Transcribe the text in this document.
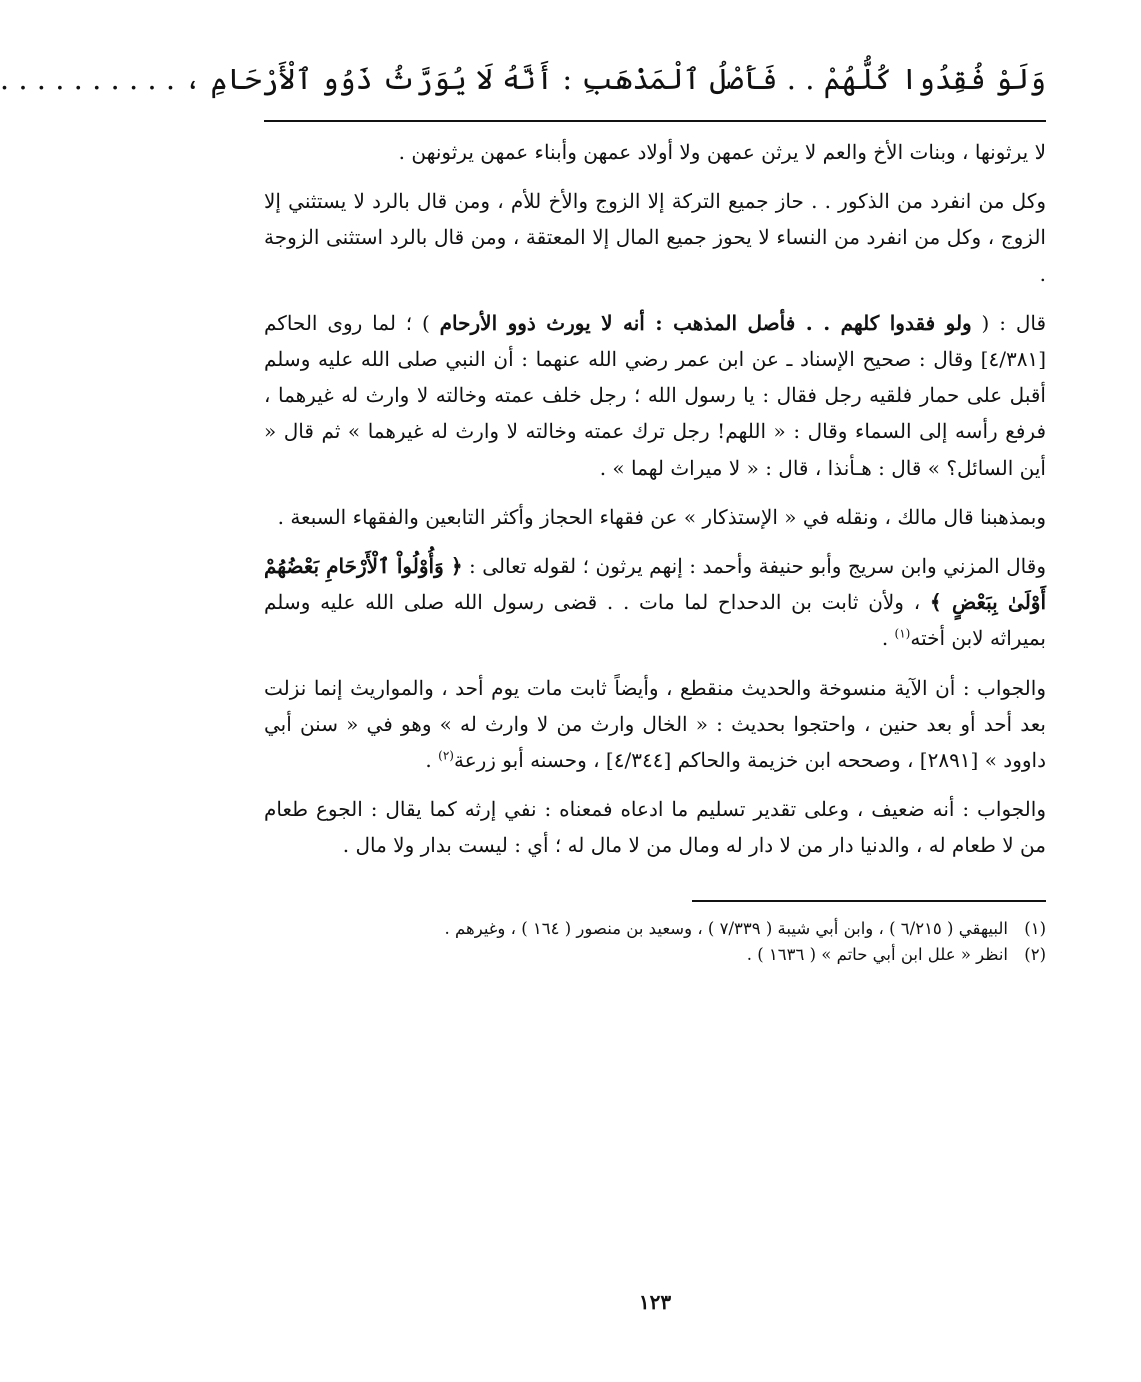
وَلَوْ فُقِدُوا كُلُّهُمْ . . فَأَصْلُ ٱلْمَذْهَبِ : أَنَّهُ لَا يُوَرَّثُ ذَوُو ٱلْأَرْحَامِ ، . . . . . . . . . .

لا يرثونها ، وبنات الأخ والعم لا يرثن عمهن ولا أولاد عمهن وأبناء عمهن يرثونهن .

وكل من انفرد من الذكور . . حاز جميع التركة إلا الزوج والأخ للأم ، ومن قال بالرد لا يستثني إلا الزوج ، وكل من انفرد من النساء لا يحوز جميع المال إلا المعتقة ، ومن قال بالرد استثنى الزوجة .

قال : ( ولو فقدوا كلهم . . فأصل المذهب : أنه لا يورث ذوو الأرحام ) ؛ لما روى الحاكم [٤/٣٨١] وقال : صحيح الإسناد ـ عن ابن عمر رضي الله عنهما : أن النبي صلى الله عليه وسلم أقبل على حمار فلقيه رجل فقال : يا رسول الله ؛ رجل خلف عمته وخالته لا وارث له غيرهما ، فرفع رأسه إلى السماء وقال : « اللهم! رجل ترك عمته وخالته لا وارث له غيرهما » ثم قال « أين السائل؟ » قال : هـأنذا ، قال : « لا ميراث لهما » .

وبمذهبنا قال مالك ، ونقله في « الإستذكار » عن فقهاء الحجاز وأكثر التابعين والفقهاء السبعة .

وقال المزني وابن سريج وأبو حنيفة وأحمد : إنهم يرثون ؛ لقوله تعالى : ﴿ وَأُوْلُواْ ٱلْأَرْحَامِ بَعْضُهُمْ أَوْلَىٰ بِبَعْضٍ ﴾ ، ولأن ثابت بن الدحداح لما مات . . قضى رسول الله صلى الله عليه وسلم بميراثه لابن أخته$^{(١)}$ .

والجواب : أن الآية منسوخة والحديث منقطع ، وأيضاً ثابت مات يوم أحد ، والمواريث إنما نزلت بعد أحد أو بعد حنين ، واحتجوا بحديث : « الخال وارث من لا وارث له » وهو في « سنن أبي داوود » [٢٨٩١] ، وصححه ابن خزيمة والحاكم [٤/٣٤٤] ، وحسنه أبو زرعة$^{(٢)}$ .

والجواب : أنه ضعيف ، وعلى تقدير تسليم ما ادعاه فمعناه : نفي إرثه كما يقال : الجوع طعام من لا طعام له ، والدنيا دار من لا دار له ومال من لا مال له ؛ أي : ليست بدار ولا مال .

(١)
البيهقي ( ٦/٢١٥ ) ، وابن أبي شيبة ( ٧/٣٣٩ ) ، وسعيد بن منصور ( ١٦٤ ) ، وغيرهم .
(٢)
انظر « علل ابن أبي حاتم » ( ١٦٣٦ ) .
١٢٣
